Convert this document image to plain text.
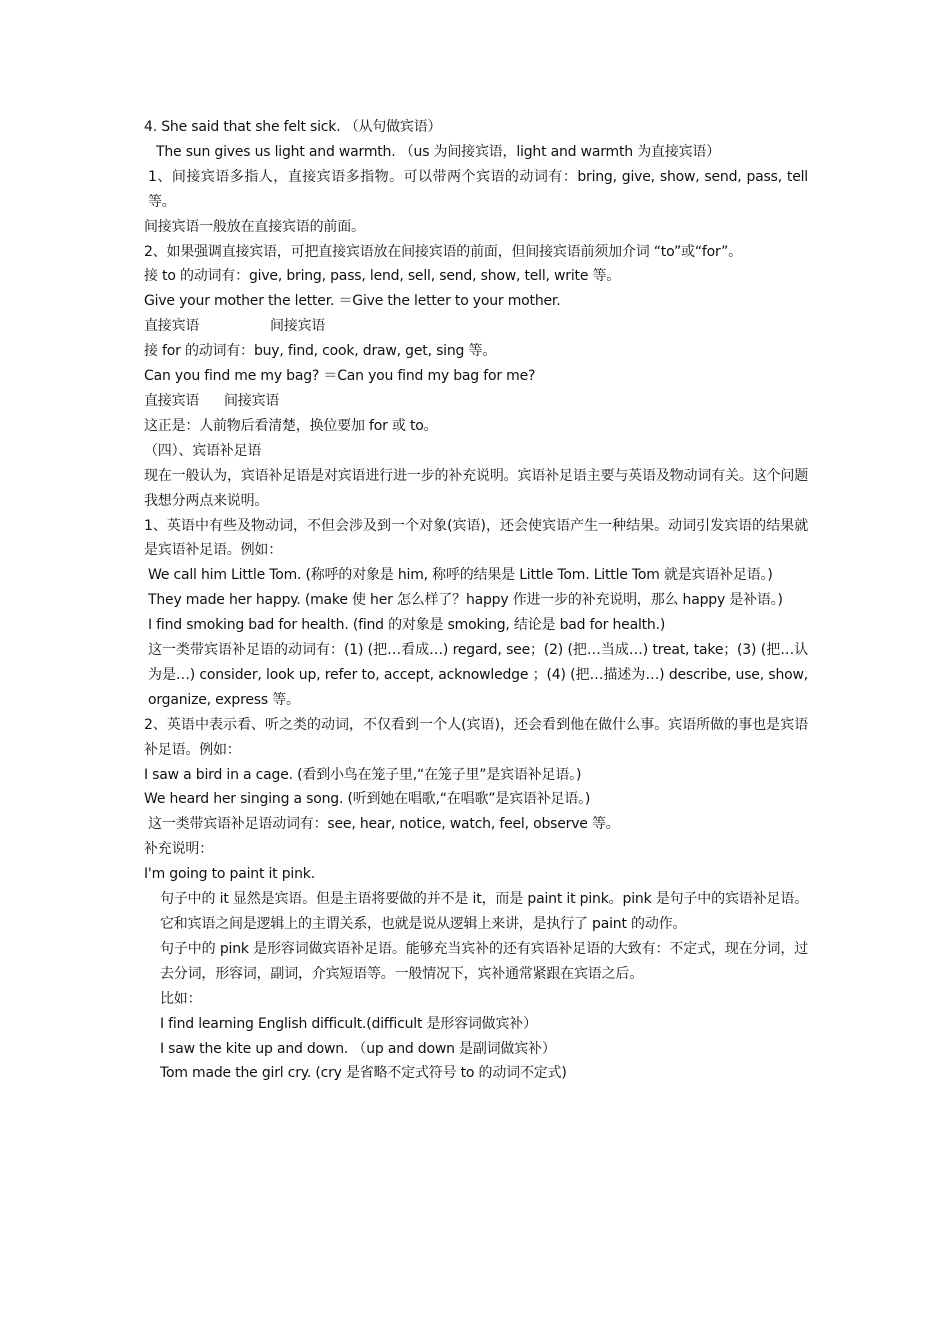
4. She said that she felt sick. （从句做宾语）
The sun gives us light and warmth. （us 为间接宾语，light and warmth 为直接宾语）
1、间接宾语多指人，直接宾语多指物。可以带两个宾语的动词有：bring, give, show, send, pass, tell 等。
间接宾语一般放在直接宾语的前面。
2、如果强调直接宾语，可把直接宾语放在间接宾语的前面，但间接宾语前须加介词 “to”或“for”。
接 to 的动词有：give, bring, pass, lend, sell, send, show, tell, write 等。
Give your mother the letter. ＝Give the letter to your mother.
直接宾语	间接宾语
接 for 的动词有：buy, find, cook, draw, get, sing 等。
Can you find me my bag? ＝Can you find my bag for me?
直接宾语 间接宾语
这正是：人前物后看清楚，换位要加 for 或 to。
（四）、宾语补足语
现在一般认为，宾语补足语是对宾语进行进一步的补充说明。宾语补足语主要与英语及物动词有关。这个问题我想分两点来说明。
1、英语中有些及物动词，不但会涉及到一个对象(宾语)，还会使宾语产生一种结果。动词引发宾语的结果就是宾语补足语。例如：
We call him Little Tom. (称呼的对象是 him, 称呼的结果是 Little Tom. Little Tom 就是宾语补足语。)
They made her happy. (make 使 her 怎么样了？happy 作进一步的补充说明，那么 happy 是补语。)
I find smoking bad for health. (find 的对象是 smoking, 结论是 bad for health.)
这一类带宾语补足语的动词有：(1) (把…看成…) regard, see；(2) (把…当成…) treat, take；(3) (把…认为是…) consider, look up, refer to, accept, acknowledge ；(4) (把…描述为…) describe, use, show, organize, express 等。
2、英语中表示看、听之类的动词，不仅看到一个人(宾语)，还会看到他在做什么事。宾语所做的事也是宾语补足语。例如：
I saw a bird in a cage. (看到小鸟在笼子里,“在笼子里”是宾语补足语。)
We heard her singing a song. (听到她在唱歌,“在唱歌”是宾语补足语。)
这一类带宾语补足语动词有：see, hear, notice, watch, feel, observe 等。
补充说明：
I'm going to paint it pink.
句子中的 it 显然是宾语。但是主语将要做的并不是 it，而是 paint it pink。pink 是句子中的宾语补足语。它和宾语之间是逻辑上的主谓关系，也就是说从逻辑上来讲，是执行了 paint 的动作。
句子中的 pink 是形容词做宾语补足语。能够充当宾补的还有宾语补足语的大致有：不定式，现在分词，过去分词，形容词，副词，介宾短语等。一般情况下，宾补通常紧跟在宾语之后。
比如：
I find learning English difficult.(difficult 是形容词做宾补）
I saw the kite up and down. （up and down 是副词做宾补）
Tom made the girl cry. (cry 是省略不定式符号 to 的动词不定式)
